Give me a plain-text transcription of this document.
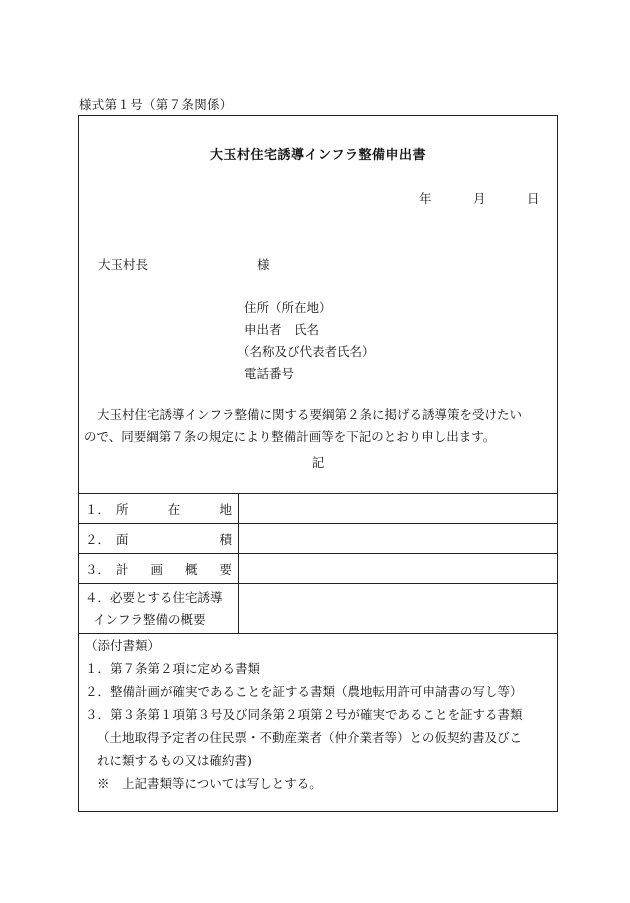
様式第１号（第７条関係）
大玉村住宅誘導インフラ整備申出書
年	月	日
大玉村長	様
住所（所在地）
申出者　氏名
（名称及び代表者氏名）
電話番号
大玉村住宅誘導インフラ整備に関する要綱第２条に掲げる誘導策を受けたい
ので、同要綱第７条の規定により整備計画等を下記のとおり申し出ます。
記
１． 所	在	地
２． 面	積
３． 計 画 概 要
４．必要とする住宅誘導
インフラ整備の概要
（添付書類）
１．第７条第２項に定める書類
２．整備計画が確実であることを証する書類（農地転用許可申請書の写し等）
３．第３条第１項第３号及び同条第２項第２号が確実であることを証する書類
（土地取得予定者の住民票・不動産業者（仲介業者等）との仮契約書及びこ
れに類するもの又は確約書)
※　上記書類等については写しとする。
